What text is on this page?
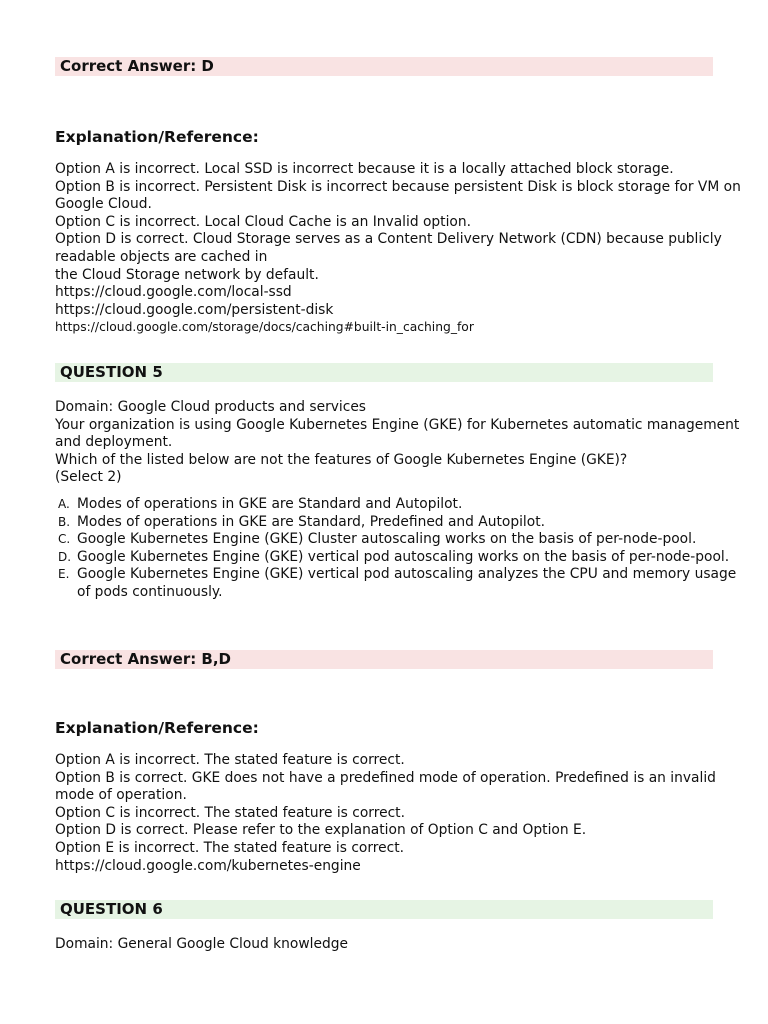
Correct Answer: D
Explanation/Reference:
Option A is incorrect. Local SSD is incorrect because it is a locally attached block storage.
Option B is incorrect. Persistent Disk is incorrect because persistent Disk is block storage for VM on Google Cloud.
Option C is incorrect. Local Cloud Cache is an Invalid option.
Option D is correct. Cloud Storage serves as a Content Delivery Network (CDN) because publicly readable objects are cached in
the Cloud Storage network by default.
https://cloud.google.com/local-ssd
https://cloud.google.com/persistent-disk
https://cloud.google.com/storage/docs/caching#built-in_caching_for
QUESTION 5
Domain: Google Cloud products and services
Your organization is using Google Kubernetes Engine (GKE) for Kubernetes automatic management and deployment.
Which of the listed below are not the features of Google Kubernetes Engine (GKE)?
(Select 2)
A. Modes of operations in GKE are Standard and Autopilot.
B. Modes of operations in GKE are Standard, Predefined and Autopilot.
C. Google Kubernetes Engine (GKE) Cluster autoscaling works on the basis of per-node-pool.
D. Google Kubernetes Engine (GKE) vertical pod autoscaling works on the basis of per-node-pool.
E. Google Kubernetes Engine (GKE) vertical pod autoscaling analyzes the CPU and memory usage of pods continuously.
Correct Answer: B,D
Explanation/Reference:
Option A is incorrect. The stated feature is correct.
Option B is correct. GKE does not have a predefined mode of operation. Predefined is an invalid mode of operation.
Option C is incorrect. The stated feature is correct.
Option D is correct. Please refer to the explanation of Option C and Option E.
Option E is incorrect. The stated feature is correct.
https://cloud.google.com/kubernetes-engine
QUESTION 6
Domain: General Google Cloud knowledge
